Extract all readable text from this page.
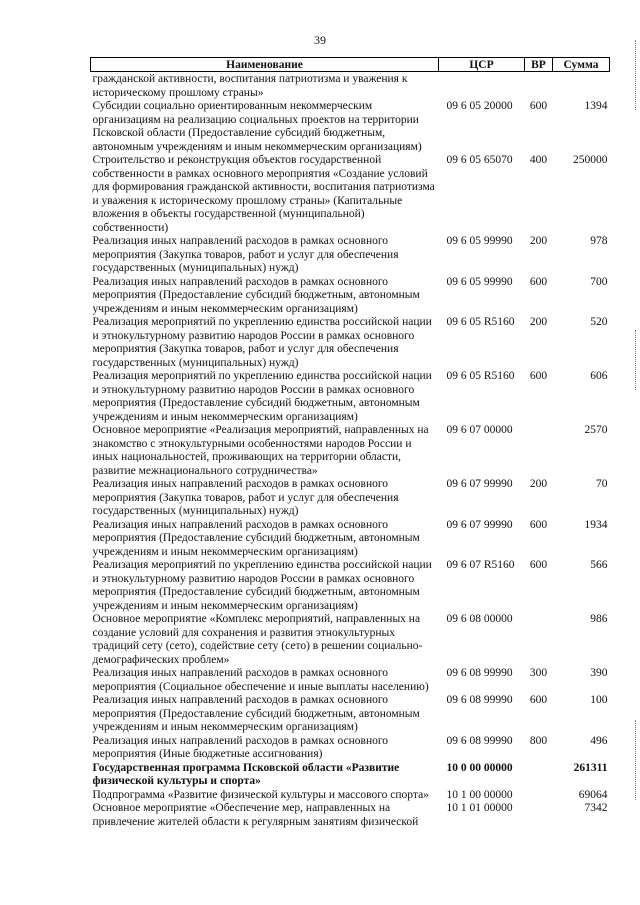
39
Наименование	ЦСР	ВР	Сумма
гражданской активности, воспитания патриотизма и уважения к историческому прошлому страны»			
Субсидии социально ориентированным некоммерческим организациям на реализацию социальных проектов на территории Псковской области (Предоставление субсидий бюджетным, автономным учреждениям и иным некоммерческим организациям)	09 6 05 20000	600	1394
Строительство и реконструкция объектов государственной собственности в рамках основного мероприятия «Создание условий для формирования гражданской активности, воспитания патриотизма и уважения к историческому прошлому страны» (Капитальные вложения в объекты государственной (муниципальной) собственности)	09 6 05 65070	400	250000
Реализация иных направлений расходов в рамках основного мероприятия (Закупка товаров, работ и услуг для обеспечения государственных (муниципальных) нужд)	09 6 05 99990	200	978
Реализация иных направлений расходов в рамках основного мероприятия (Предоставление субсидий бюджетным, автономным учреждениям и иным некоммерческим организациям)	09 6 05 99990	600	700
Реализация мероприятий по укреплению единства российской нации и этнокультурному развитию народов России в рамках основного мероприятия (Закупка товаров, работ и услуг для обеспечения государственных (муниципальных) нужд)	09 6 05 R5160	200	520
Реализация мероприятий по укреплению единства российской нации и этнокультурному развитию народов России в рамках основного мероприятия (Предоставление субсидий бюджетным, автономным учреждениям и иным некоммерческим организациям)	09 6 05 R5160	600	606
Основное мероприятие «Реализация мероприятий, направленных на знакомство с этнокультурными особенностями народов России и иных национальностей, проживающих на территории области, развитие межнационального сотрудничества»	09 6 07 00000		2570
Реализация иных направлений расходов в рамках основного мероприятия (Закупка товаров, работ и услуг для обеспечения государственных (муниципальных) нужд)	09 6 07 99990	200	70
Реализация иных направлений расходов в рамках основного мероприятия (Предоставление субсидий бюджетным, автономным учреждениям и иным некоммерческим организациям)	09 6 07 99990	600	1934
Реализация мероприятий по укреплению единства российской нации и этнокультурному развитию народов России в рамках основного мероприятия (Предоставление субсидий бюджетным, автономным учреждениям и иным некоммерческим организациям)	09 6 07 R5160	600	566
Основное мероприятие «Комплекс мероприятий, направленных на создание условий для сохранения и развития этнокультурных традиций сету (сето), содействие сету (сето) в решении социально-демографических проблем»	09 6 08 00000		986
Реализация иных направлений расходов в рамках основного мероприятия (Социальное обеспечение и иные выплаты населению)	09 6 08 99990	300	390
Реализация иных направлений расходов в рамках основного мероприятия (Предоставление субсидий бюджетным, автономным учреждениям и иным некоммерческим организациям)	09 6 08 99990	600	100
Реализация иных направлений расходов в рамках основного мероприятия (Иные бюджетные ассигнования)	09 6 08 99990	800	496
Государственная программа Псковской области «Развитие физической культуры и спорта»	10 0 00 00000		261311
Подпрограмма «Развитие физической культуры и массового спорта»	10 1 00 00000		69064
Основное мероприятие «Обеспечение мер, направленных на привлечение жителей области к регулярным занятиям физической	10 1 01 00000		7342
